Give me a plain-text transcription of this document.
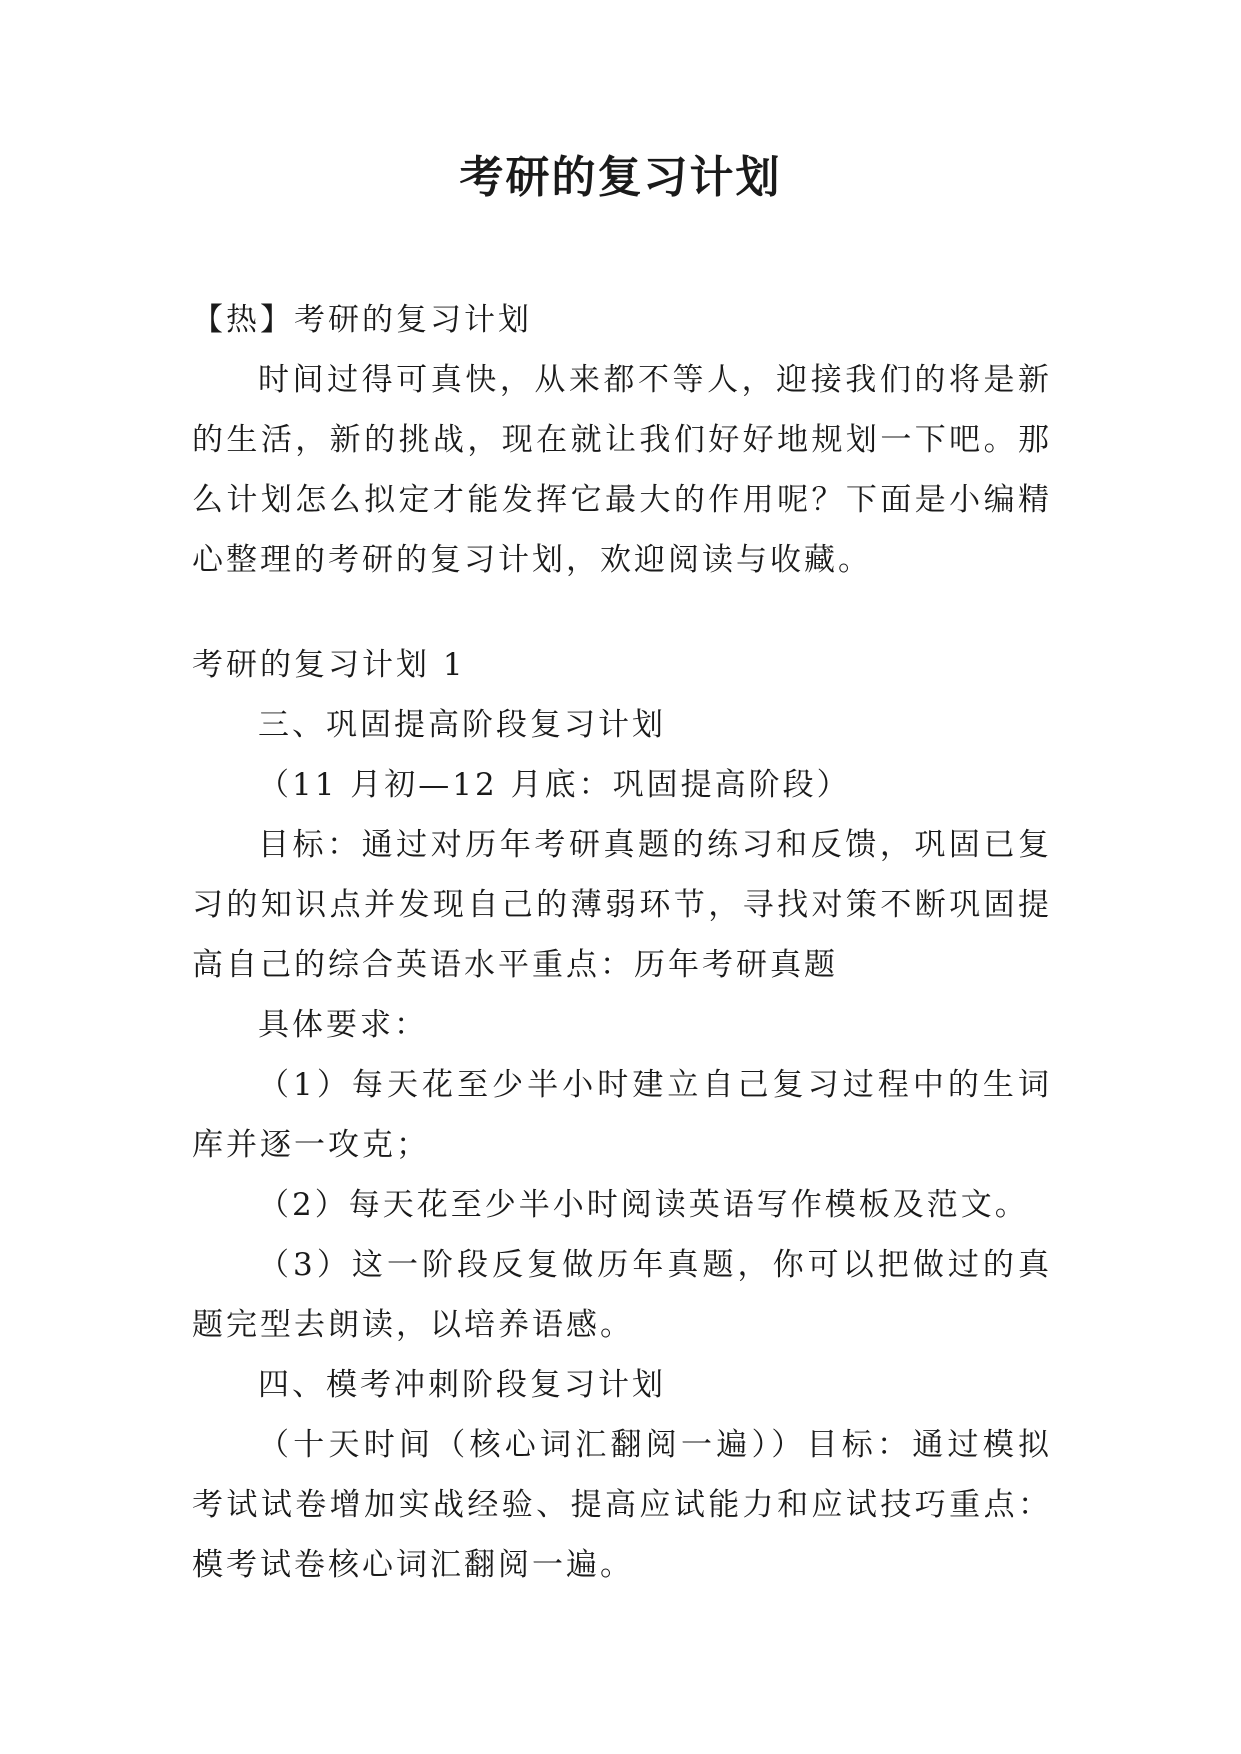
考研的复习计划

【热】考研的复习计划

时间过得可真快，从来都不等人，迎接我们的将是新的生活，新的挑战，现在就让我们好好地规划一下吧。那么计划怎么拟定才能发挥它最大的作用呢？下面是小编精心整理的考研的复习计划，欢迎阅读与收藏。

考研的复习计划 1

三、巩固提高阶段复习计划

（11 月初—12 月底：巩固提高阶段）

目标：通过对历年考研真题的练习和反馈，巩固已复习的知识点并发现自己的薄弱环节，寻找对策不断巩固提高自己的综合英语水平重点：历年考研真题

具体要求：

（1）每天花至少半小时建立自己复习过程中的生词库并逐一攻克；

（2）每天花至少半小时阅读英语写作模板及范文。

（3）这一阶段反复做历年真题，你可以把做过的真题完型去朗读，以培养语感。

四、模考冲刺阶段复习计划

（十天时间（核心词汇翻阅一遍））目标：通过模拟考试试卷增加实战经验、提高应试能力和应试技巧重点：模考试卷核心词汇翻阅一遍。
